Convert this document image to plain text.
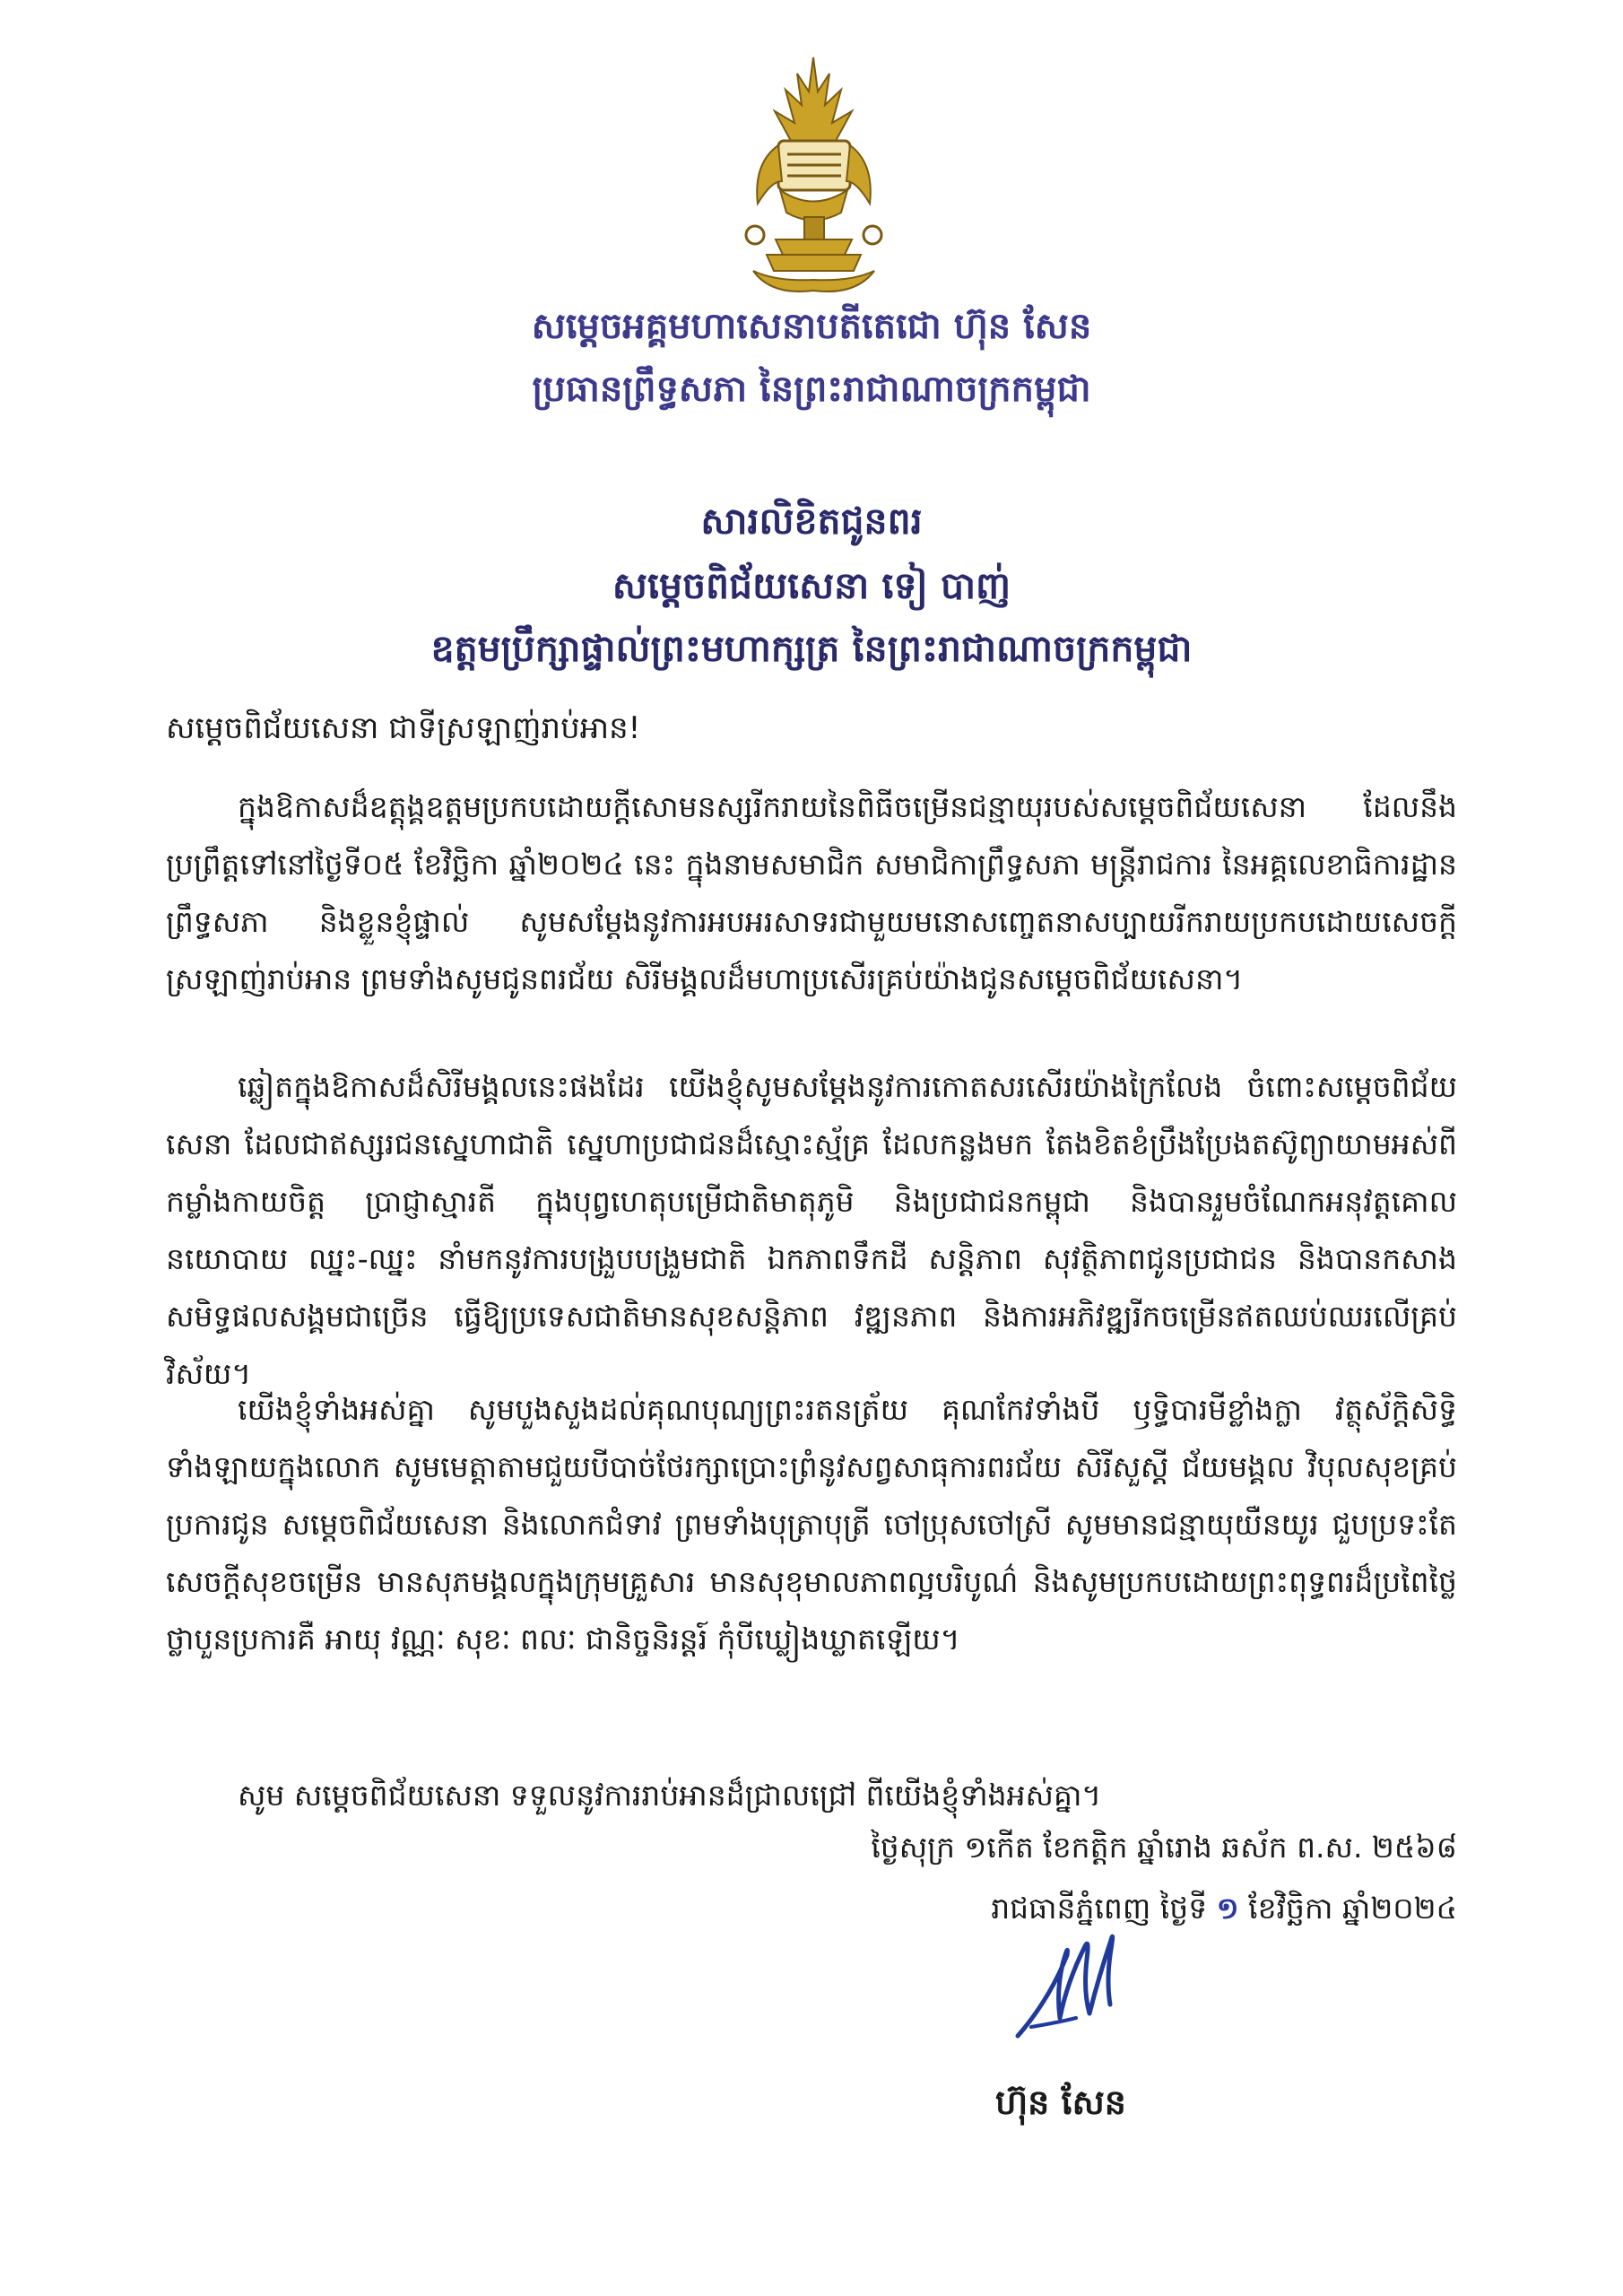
សម្ដេចអគ្គមហាសេនាបតីតេជោ ហ៊ុន សែន
ប្រធានព្រឹទ្ធសភា នៃព្រះរាជាណាចក្រកម្ពុជា
សារលិខិតជូនពរ
សម្ដេចពិជ័យសេនា ទៀ បាញ់
ឧត្តមប្រឹក្សាផ្ទាល់ព្រះមហាក្សត្រ នៃព្រះរាជាណាចក្រកម្ពុជា
សម្ដេចពិជ័យសេនា ជាទីស្រឡាញ់រាប់អាន!
ក្នុងឱកាសដ៏ឧត្ដុង្គឧត្ដមប្រកបដោយក្ដីសោមនស្សរីករាយនៃពិធីចម្រើនជន្មាយុរបស់សម្ដេចពិជ័យសេនា ដែលនឹងប្រព្រឹត្តទៅនៅថ្ងៃទី០៥ ខែវិច្ឆិកា ឆ្នាំ២០២៤ នេះ ក្នុងនាមសមាជិក សមាជិកាព្រឹទ្ធសភា មន្ត្រីរាជការ នៃអគ្គលេខាធិការដ្ឋានព្រឹទ្ធសភា និងខ្លួនខ្ញុំផ្ទាល់ សូមសម្ដែងនូវការអបអរសាទរជាមួយមនោសញ្ចេតនាសប្បាយរីករាយប្រកបដោយសេចក្ដីស្រឡាញ់រាប់អាន ព្រមទាំងសូមជូនពរជ័យ សិរីមង្គលដ៏មហាប្រសើរគ្រប់យ៉ាងជូនសម្ដេចពិជ័យសេនា។
ឆ្លៀតក្នុងឱកាសដ៏សិរីមង្គលនេះផងដែរ យើងខ្ញុំសូមសម្ដែងនូវការកោតសរសើរយ៉ាងក្រៃលែង ចំពោះសម្ដេចពិជ័យសេនា ដែលជាឥស្សរជនស្នេហាជាតិ ស្នេហាប្រជាជនដ៏ស្មោះស្ម័គ្រ ដែលកន្លងមក តែងខិតខំប្រឹងប្រែងតស៊ូព្យាយាមអស់ពីកម្លាំងកាយចិត្ត ប្រាជ្ញាស្មារតី ក្នុងបុព្វហេតុបម្រើជាតិមាតុភូមិ និងប្រជាជនកម្ពុជា និងបានរួមចំណែកអនុវត្តគោលនយោបាយ ឈ្នះ-ឈ្នះ នាំមកនូវការបង្រួបបង្រួមជាតិ ឯកភាពទឹកដី សន្តិភាព សុវត្ថិភាពជូនប្រជាជន និងបានកសាងសមិទ្ធផលសង្គមជាច្រើន ធ្វើឱ្យប្រទេសជាតិមានសុខសន្តិភាព វឌ្ឍនភាព និងការអភិវឌ្ឍរីកចម្រើនឥតឈប់ឈរលើគ្រប់វិស័យ។
យើងខ្ញុំទាំងអស់គ្នា សូមបួងសួងដល់គុណបុណ្យព្រះរតនត្រ័យ គុណកែវទាំងបី ឫទ្ធិបារមីខ្លាំងក្លា វត្ថុស័ក្ដិសិទ្ធិទាំងឡាយក្នុងលោក សូមមេត្តាតាមជួយបីបាច់ថែរក្សាប្រោះព្រំនូវសព្វសាធុការពរជ័យ សិរីសួស្ដី ជ័យមង្គល វិបុលសុខគ្រប់ប្រការជូន សម្ដេចពិជ័យសេនា និងលោកជំទាវ ព្រមទាំងបុត្រាបុត្រី ចៅប្រុសចៅស្រី សូមមានជន្មាយុយឺនយូរ ជួបប្រទះតែសេចក្ដីសុខចម្រើន មានសុភមង្គលក្នុងក្រុមគ្រួសារ មានសុខុមាលភាពល្អបរិបូណ៌ និងសូមប្រកបដោយព្រះពុទ្ធពរដ៏ប្រពៃថ្លៃថ្លាបួនប្រការគឺ អាយុ វណ្ណៈ សុខៈ ពលៈ ជានិច្ចនិរន្តរ៍ កុំបីឃ្លៀងឃ្លាតឡើយ។
សូម សម្ដេចពិជ័យសេនា ទទួលនូវការរាប់អានដ៏ជ្រាលជ្រៅ ពីយើងខ្ញុំទាំងអស់គ្នា។
ថ្ងៃសុក្រ ១កើត ខែកត្តិក ឆ្នាំរោង ឆស័ក ព.ស. ២៥៦៨
រាជធានីភ្នំពេញ ថ្ងៃទី ១ ខែវិច្ឆិកា ឆ្នាំ២០២៤
ហ៊ុន សែន
